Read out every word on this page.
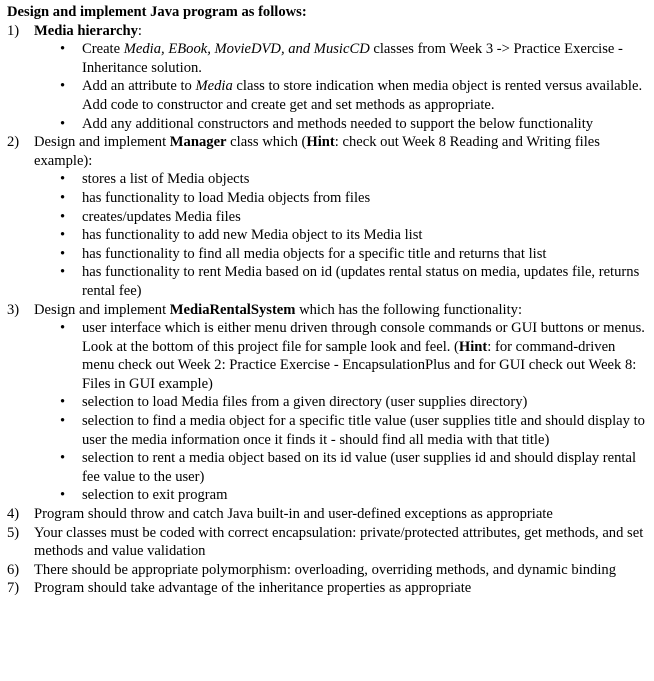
Design and implement Java program as follows:
1) Media hierarchy:
• Create Media, EBook, MovieDVD, and MusicCD classes from Week 3 -> Practice Exercise - Inheritance solution.
• Add an attribute to Media class to store indication when media object is rented versus available. Add code to constructor and create get and set methods as appropriate.
• Add any additional constructors and methods needed to support the below functionality
2) Design and implement Manager class which (Hint: check out Week 8 Reading and Writing files example):
• stores a list of Media objects
• has functionality to load Media objects from files
• creates/updates Media files
• has functionality to add new Media object to its Media list
• has functionality to find all media objects for a specific title and returns that list
• has functionality to rent Media based on id (updates rental status on media, updates file, returns rental fee)
3) Design and implement MediaRentalSystem which has the following functionality:
• user interface which is either menu driven through console commands or GUI buttons or menus. Look at the bottom of this project file for sample look and feel. (Hint: for command-driven menu check out Week 2: Practice Exercise - EncapsulationPlus and for GUI check out Week 8: Files in GUI example)
• selection to load Media files from a given directory (user supplies directory)
• selection to find a media object for a specific title value (user supplies title and should display to user the media information once it finds it - should find all media with that title)
• selection to rent a media object based on its id value (user supplies id and should display rental fee value to the user)
• selection to exit program
4) Program should throw and catch Java built-in and user-defined exceptions as appropriate
5) Your classes must be coded with correct encapsulation: private/protected attributes, get methods, and set methods and value validation
6) There should be appropriate polymorphism: overloading, overriding methods, and dynamic binding
7) Program should take advantage of the inheritance properties as appropriate
